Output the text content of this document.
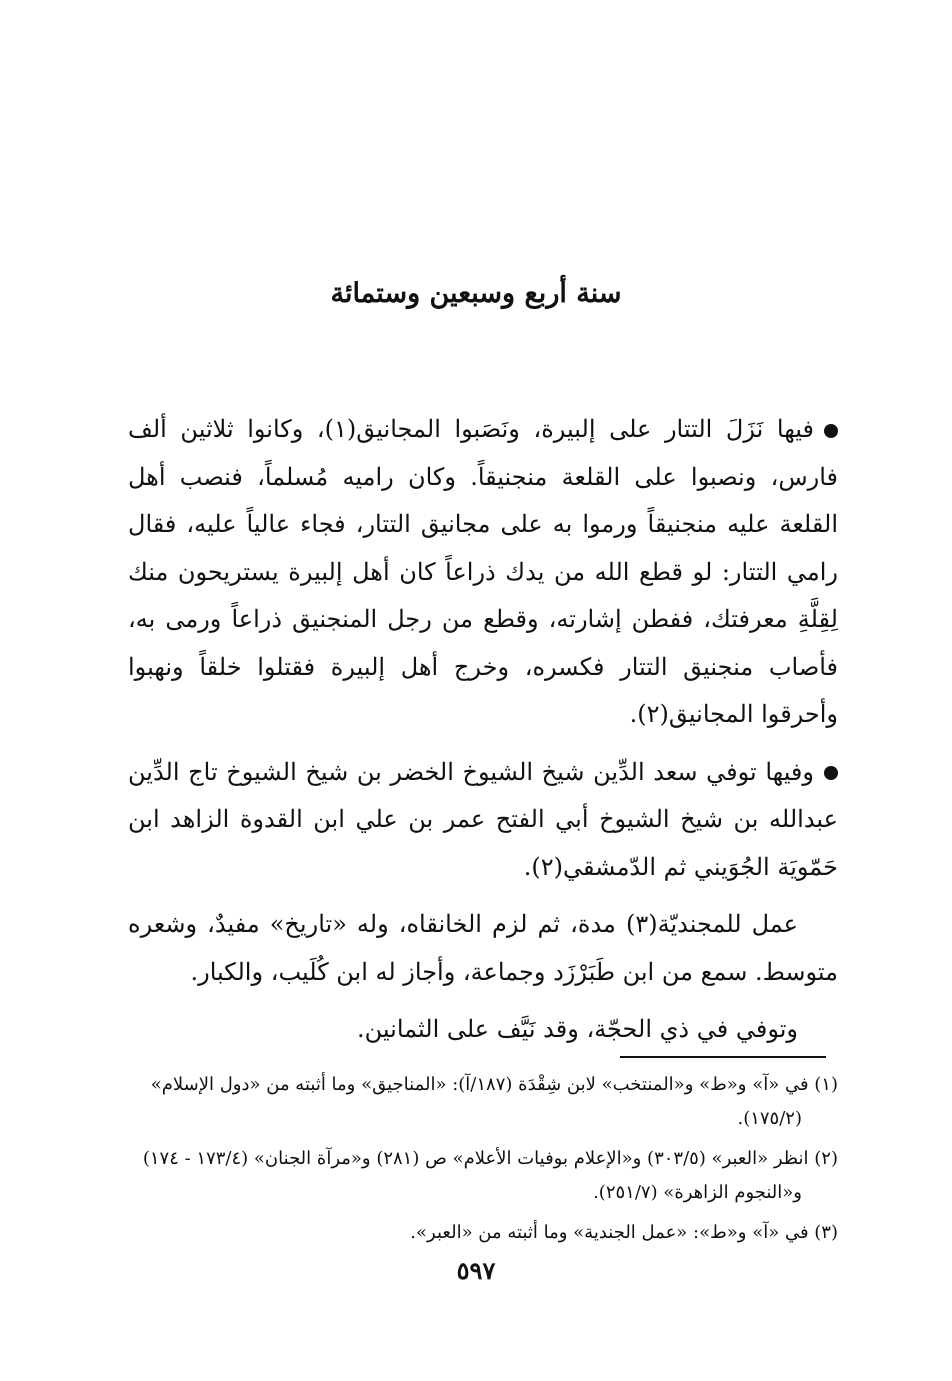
سنة أربع وسبعين وستمائة

فيها نَزَلَ التتار على إلبيرة، ونَصَبوا المجانيق(١)، وكانوا ثلاثين ألف فارس، ونصبوا على القلعة منجنيقاً. وكان راميه مُسلماً، فنصب أهل القلعة عليه منجنيقاً ورموا به على مجانيق التتار، فجاء عالياً عليه، فقال رامي التتار: لو قطع الله من يدك ذراعاً كان أهل إلبيرة يستريحون منك لِقِلَّةِ معرفتك، ففطن إشارته، وقطع من رجل المنجنيق ذراعاً ورمى به، فأصاب منجنيق التتار فكسره، وخرج أهل إلبيرة فقتلوا خلقاً ونهبوا وأحرقوا المجانيق(٢).

وفيها توفي سعد الدِّين شيخ الشيوخ الخضر بن شيخ الشيوخ تاج الدِّين عبدالله بن شيخ الشيوخ أبي الفتح عمر بن علي ابن القدوة الزاهد ابن حَمّويَة الجُوَيني ثم الدّمشقي(٢).

عمل للمجنديّة(٣) مدة، ثم لزم الخانقاه، وله «تاريخ» مفيدٌ، وشعره متوسط. سمع من ابن طَبَرْزَد وجماعة، وأجاز له ابن كُلَيب، والكبار.

وتوفي في ذي الحجّة، وقد نَيَّف على الثمانين.

(١) في «آ» و«ط» و«المنتخب» لابن شِقْدَة (١٨٧/آ): «المناجيق» وما أثبته من «دول الإسلام» (١٧٥/٢).

(٢) انظر «العبر» (٣٠٣/٥) و«الإعلام بوفيات الأعلام» ص (٢٨١) و«مرآة الجنان» (١٧٣/٤ - ١٧٤) و«النجوم الزاهرة» (٢٥١/٧).

(٣) في «آ» و«ط»: «عمل الجندية» وما أثبته من «العبر».

٥٩٧
